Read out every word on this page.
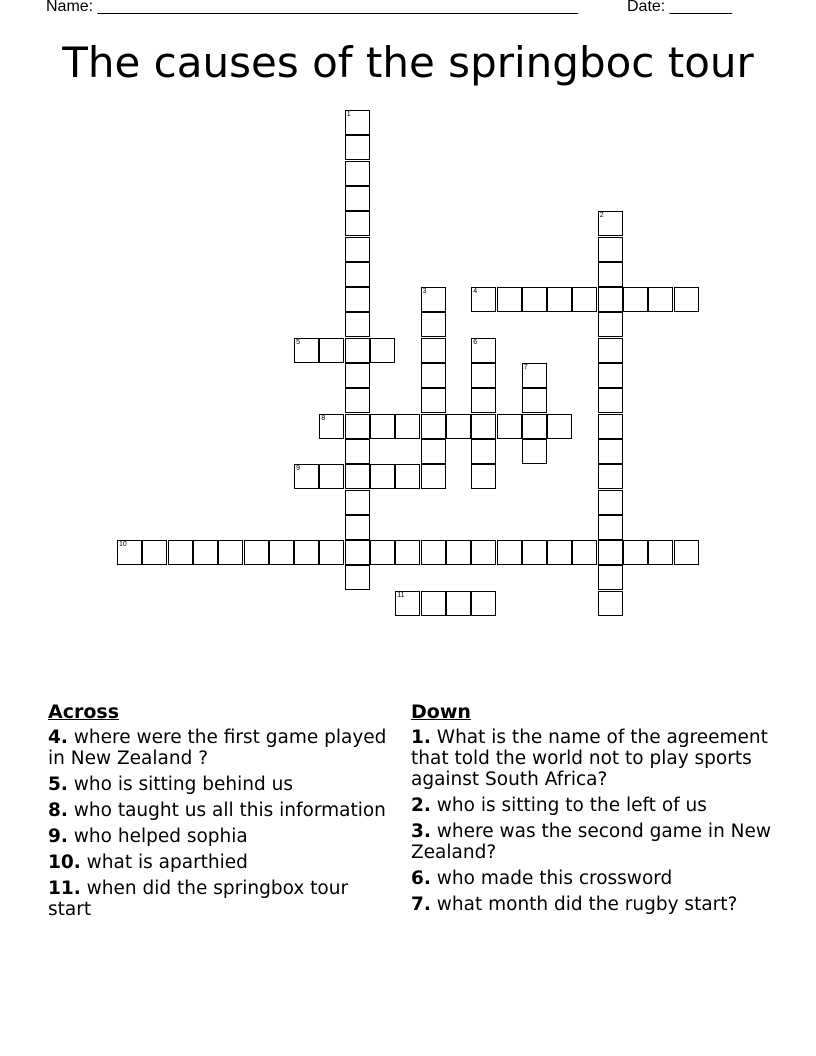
Name: ______________________________________________________	Date: _______
The causes of the springboc tour
1
2
3	4
5	6
7
8
9
10
11
Across
4. where were the first game played in New Zealand ?
5. who is sitting behind us
8. who taught us all this information
9. who helped sophia
10. what is aparthied
11. when did the springbox tour start
Down
1. What is the name of the agreement that told the world not to play sports against South Africa?
2. who is sitting to the left of us
3. where was the second game in New Zealand?
6. who made this crossword
7. what month did the rugby start?
